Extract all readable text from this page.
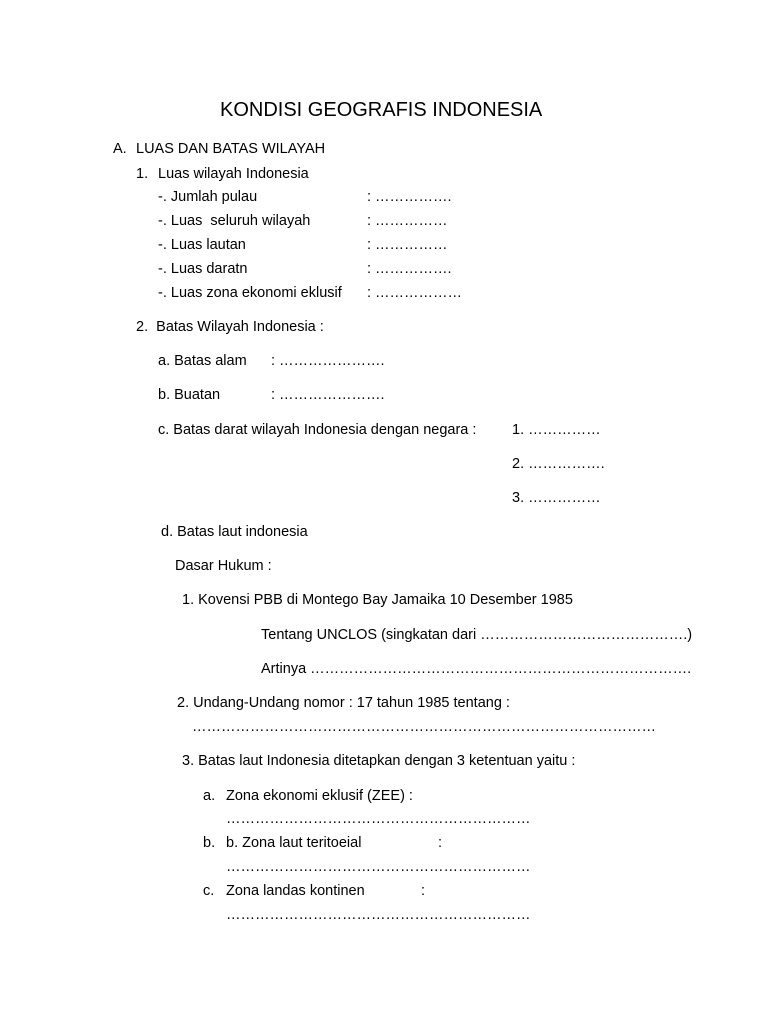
KONDISI GEOGRAFIS INDONESIA
A. LUAS DAN BATAS WILAYAH
1. Luas wilayah Indonesia
-. Jumlah pulau	: …………….
-. Luas  seluruh wilayah	: ……………
-. Luas lautan	: ……………
-. Luas daratn	: …………….
-. Luas zona ekonomi eklusif : ………………
2.  Batas Wilayah Indonesia :
a. Batas alam : ………………….
b. Buatan	: ………………….
c. Batas darat wilayah Indonesia dengan negara : 1. ……………
2. …………….
3. ……………
d. Batas laut indonesia
Dasar Hukum :
1. Kovensi PBB di Montego Bay Jamaika 10 Desember 1985
Tentang UNCLOS (singkatan dari …………………………………….)
Artinya …………………………………………………………………….
2. Undang-Undang nomor : 17 tahun 1985 tentang :
……………………………………………………………………………………
3. Batas laut Indonesia ditetapkan dengan 3 ketentuan yaitu :
a. Zona ekonomi eklusif (ZEE) :
………………………………………………………
b. b. Zona laut teritoeial	:
………………………………………………………
c. Zona landas kontinen	:
………………………………………………………
